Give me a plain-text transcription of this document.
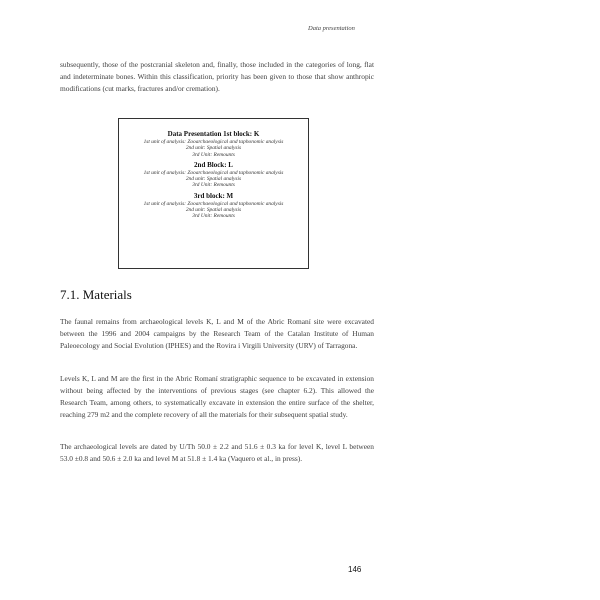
Data presentation

subsequently, those of the postcranial skeleton and, finally, those included in the categories of long, flat and indeterminate bones. Within this classification, priority has been given to those that show anthropic modifications (cut marks, fractures and/or cremation).

Data Presentation 1st block: K
1st unit of analysis: Zooarchaeological and taphonomic analysis
2nd unit: Spatial analysis
3rd Unit: Remounts
2nd Block: L
1st unit of analysis: Zooarchaeological and taphonomic analysis
2nd unit: Spatial analysis
3rd Unit: Remounts
3rd block: M
1st unit of analysis: Zooarchaeological and taphonomic analysis
2nd unit: Spatial analysis
3rd Unit: Remounts
7.1. Materials

The faunal remains from archaeological levels K, L and M of the Abric Romaní site were excavated between the 1996 and 2004 campaigns by the Research Team of the Catalan Institute of Human Paleoecology and Social Evolution (IPHES) and the Rovira i Virgili University (URV) of Tarragona.

Levels K, L and M are the first in the Abric Romaní stratigraphic sequence to be excavated in extension without being affected by the interventions of previous stages (see chapter 6.2). This allowed the Research Team, among others, to systematically excavate in extension the entire surface of the shelter, reaching 279 m2 and the complete recovery of all the materials for their subsequent spatial study.

The archaeological levels are dated by U/Th 50.0 ± 2.2 and 51.6 ± 0.3 ka for level K, level L between 53.0 ±0.8 and 50.6 ± 2.0 ka and level M at 51.8 ± 1.4 ka (Vaquero et al., in press).

146
